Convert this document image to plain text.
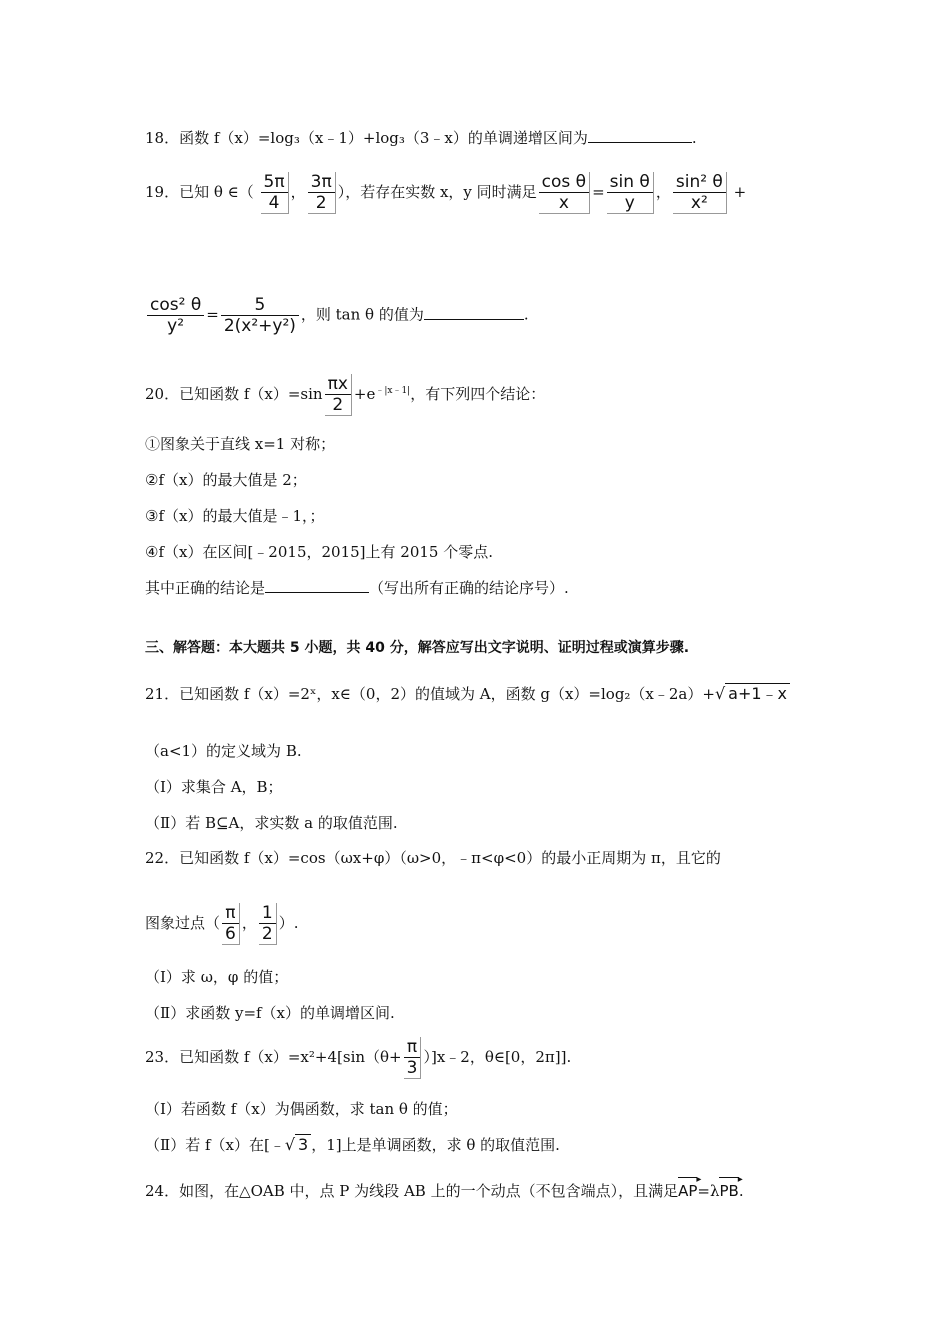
18．函数 f（x）=log₃（x﹣1）+log₃（3﹣x）的单调递增区间为	.
19．已知 θ ∈（ $\frac{5\pi}{4}$ ， $\frac{3\pi}{2}$ ），若存在实数 x，y 同时满足 $\frac{\text{cos θ}}{x} = \frac{\text{sin θ}}{y}$ ， $\frac{\text{sin² θ}}{\text{x²}}$ +
$\frac{\text{cos² θ}}{\text{y²}} = \frac{5}{\text{2(x²+y²)}}$ ，则 tan θ 的值为	.
20．已知函数 $f(x)=\sin \frac{\pi x}{2} +e^{﹣|x﹣1|}$，有下列四个结论：
①图象关于直线 x=1 对称；
②f（x）的最大值是 2；
③f（x）的最大值是﹣1，；
④f（x）在区间[﹣2015，2015]上有 2015 个零点.
其中正确的结论是	（写出所有正确的结论序号）.
三、解答题：本大题共 5 小题，共 40 分，解答应写出文字说明、证明过程或演算步骤.
21．已知函数 f（x）=2ˣ，x∈（0，2）的值域为 A，函数 g（x）=log₂（x﹣2a）+√ a+1﹣x
（a<1）的定义域为 B.
（Ⅰ）求集合 A，B；
（Ⅱ）若 B⊆A，求实数 a 的取值范围.
22．已知函数 f（x）=cos（ωx+φ）（ω>0，﹣π<φ<0）的最小正周期为 π，且它的
图象过点（ $\frac{\pi}{6}$ ， $\frac{1}{2}$ ）.
（Ⅰ）求 ω，φ 的值；
（Ⅱ）求函数 y=f（x）的单调增区间.
23．已知函数 $f(x)=x^2+4[\sin(\theta+ \frac{\pi}{3}$ ）]x﹣2，θ∈[0，2π]].
（Ⅰ）若函数 f（x）为偶函数，求 tan θ 的值；
（Ⅱ）若 f（x）在[﹣√ 3 ，1]上是单调函数，求 θ 的取值范围.
24．如图，在△OAB 中，点 P 为线段 AB 上的一个动点（不包含端点），且满足AP ▸=λPB ▸.
